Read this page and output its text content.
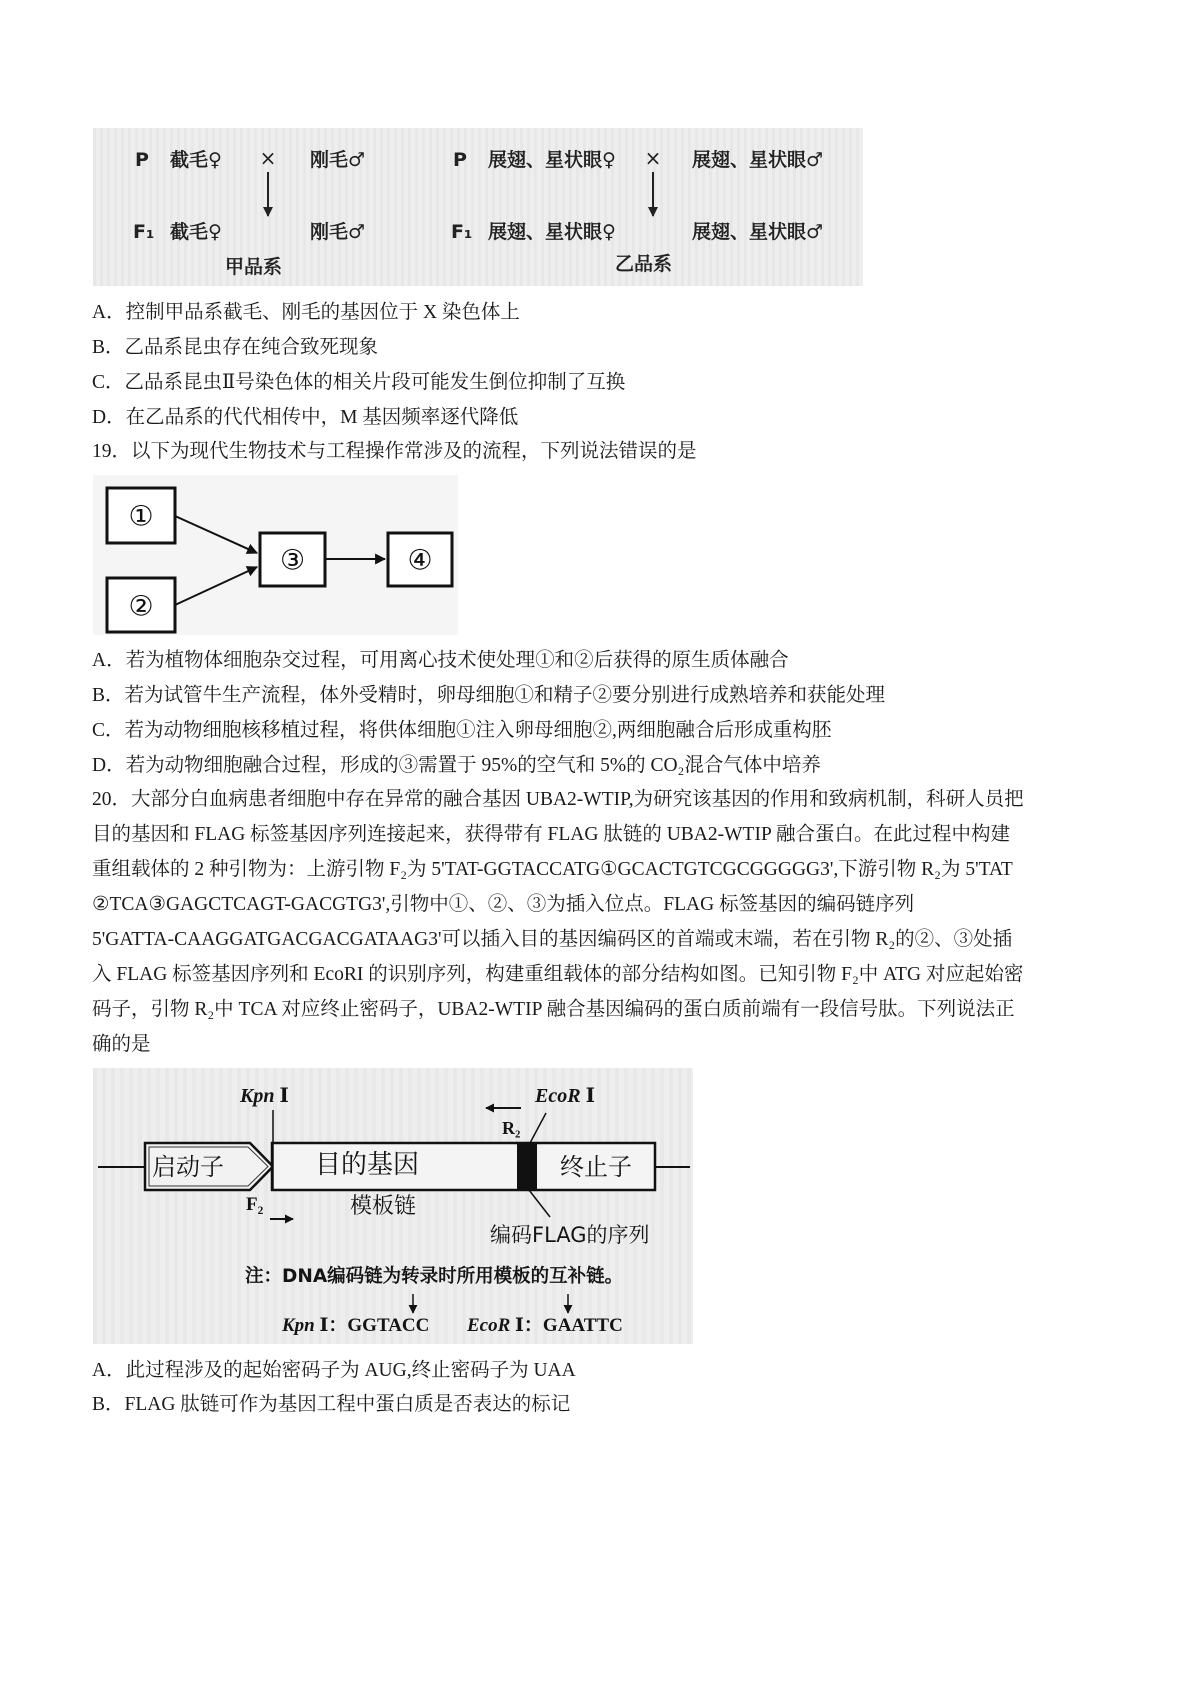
P 截毛♀ × 刚毛♂
F₁ 截毛♀	刚毛♂
甲品系
P 展翅、星状眼♀ × 展翅、星状眼♂
F₁ 展翅、星状眼♀	展翅、星状眼♂
乙品系
A．控制甲品系截毛、刚毛的基因位于 X 染色体上
B．乙品系昆虫存在纯合致死现象
C．乙品系昆虫Ⅱ号染色体的相关片段可能发生倒位抑制了互换
D．在乙品系的代代相传中，M 基因频率逐代降低
19．以下为现代生物技术与工程操作常涉及的流程，下列说法错误的是
①
②
③	④
A．若为植物体细胞杂交过程，可用离心技术使处理①和②后获得的原生质体融合
B．若为试管牛生产流程，体外受精时，卵母细胞①和精子②要分别进行成熟培养和获能处理
C．若为动物细胞核移植过程，将供体细胞①注入卵母细胞②,两细胞融合后形成重构胚
D．若为动物细胞融合过程，形成的③需置于 95%的空气和 5%的 CO₂混合气体中培养
20．大部分白血病患者细胞中存在异常的融合基因 UBA2-WTIP,为研究该基因的作用和致病机制，科研人员把
目的基因和 FLAG 标签基因序列连接起来，获得带有 FLAG 肽链的 UBA2-WTIP 融合蛋白。在此过程中构建
重组载体的 2 种引物为：上游引物 F₂为 5'TAT-GGTACCATG①GCACTGTCGCGGGGG3',下游引物 R₂为 5'TAT
②TCA③GAGCTCAGT-GACGTG3',引物中①、②、③为插入位点。FLAG 标签基因的编码链序列
5'GATTA-CAAGGATGACGACGATAAG3'可以插入目的基因编码区的首端或末端，若在引物 R₂的②、③处插
入 FLAG 标签基因序列和 EcoRI 的识别序列，构建重组载体的部分结构如图。已知引物 F₂中 ATG 对应起始密
码子，引物 R₂中 TCA 对应终止密码子，UBA2-WTIP 融合基因编码的蛋白质前端有一段信号肽。下列说法正
确的是
Kpn Ⅰ	EcoR Ⅰ
R₂
启动子	目的基因	终止子
模板链
F₂
编码FLAG的序列
注：DNA编码链为转录时所用模板的互补链。
Kpn Ⅰ：GGTACC EcoR Ⅰ：GAATTC
A．此过程涉及的起始密码子为 AUG,终止密码子为 UAA
B．FLAG 肽链可作为基因工程中蛋白质是否表达的标记
